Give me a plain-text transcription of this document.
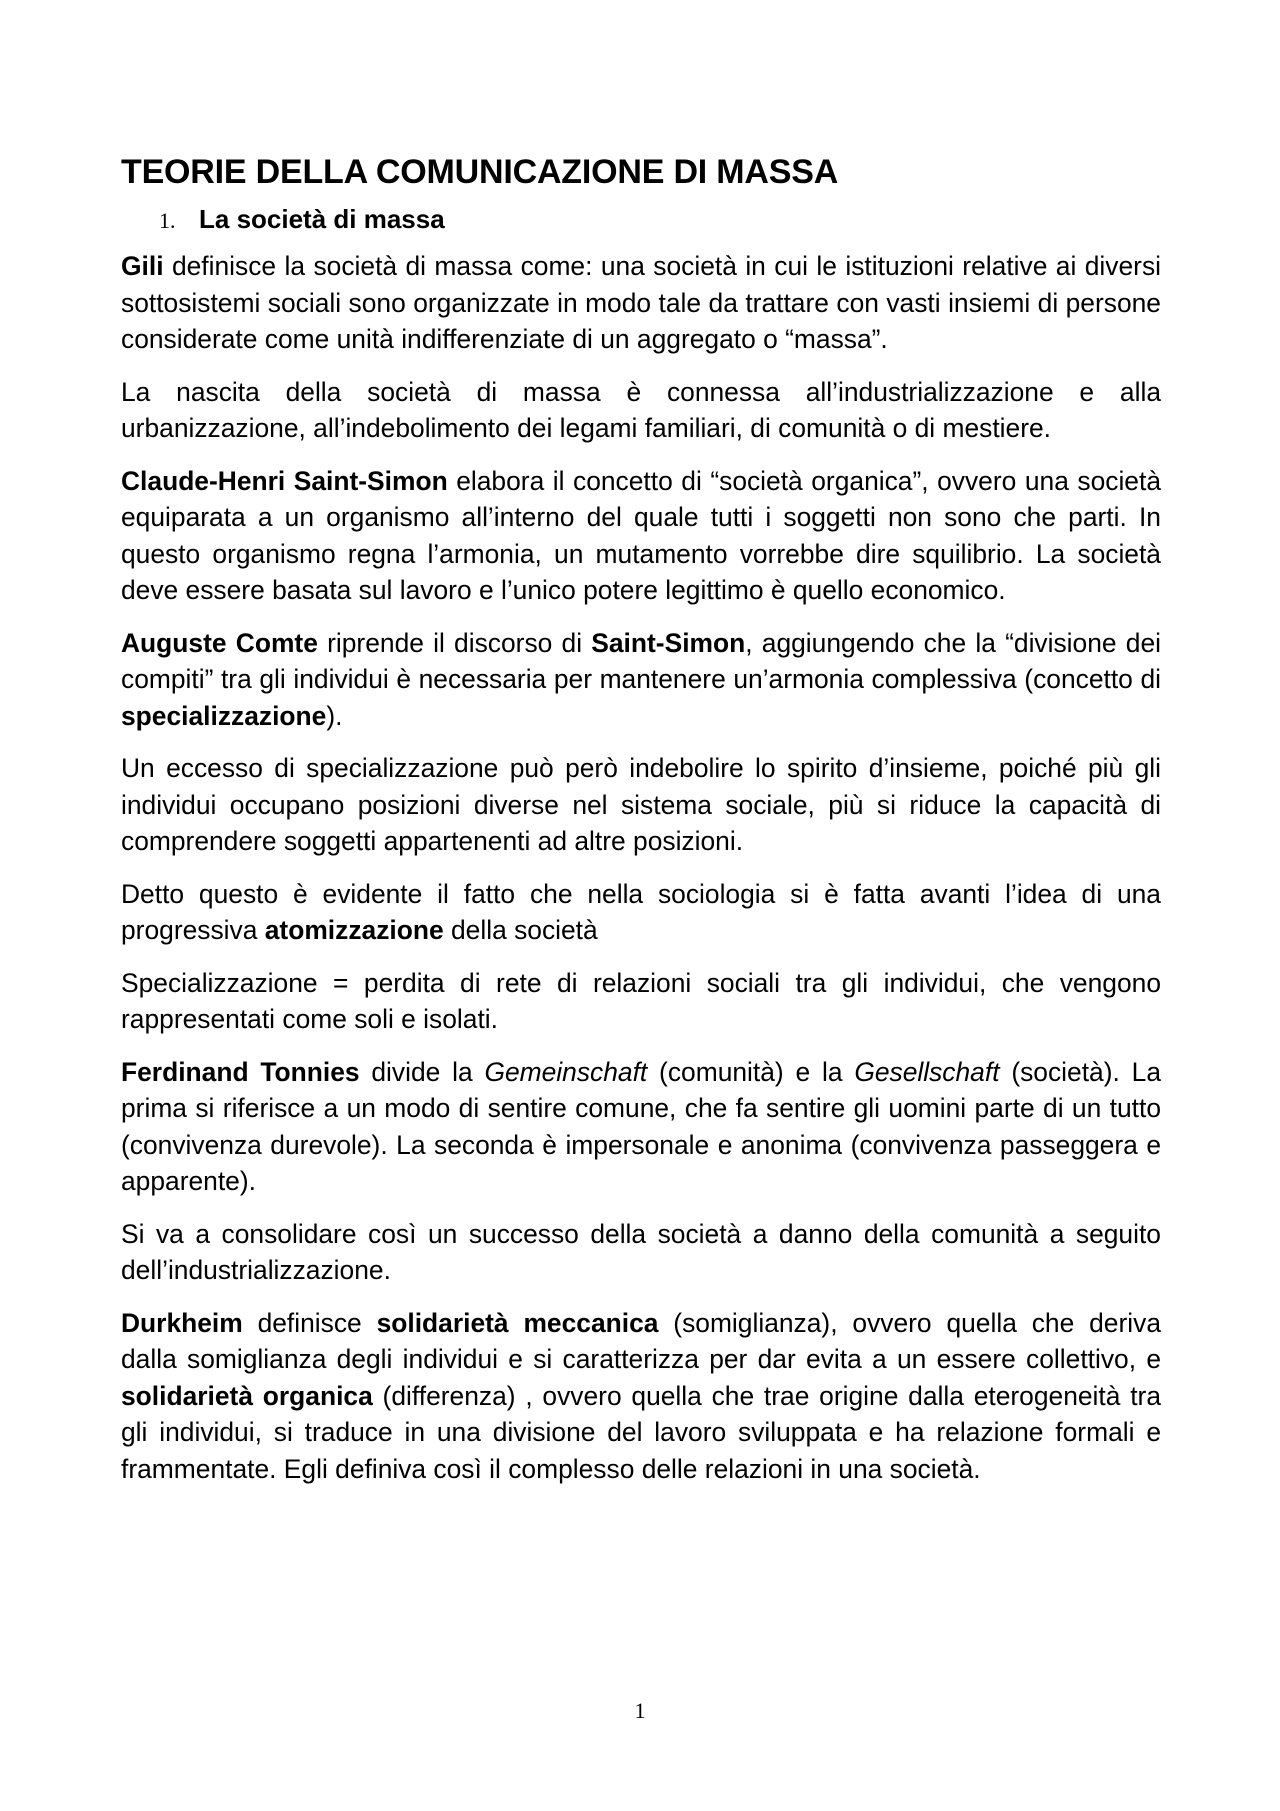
TEORIE DELLA COMUNICAZIONE DI MASSA
1. La società di massa

Gili definisce la società di massa come: una società in cui le istituzioni relative ai diversi sottosistemi sociali sono organizzate in modo tale da trattare con vasti insiemi di persone considerate come unità indifferenziate di un aggregato o “massa”.

La nascita della società di massa è connessa all’industrializzazione e alla urbanizzazione, all’indebolimento dei legami familiari, di comunità o di mestiere.

Claude-Henri Saint-Simon elabora il concetto di “società organica”, ovvero una società equiparata a un organismo all’interno del quale tutti i soggetti non sono che parti. In questo organismo regna l’armonia, un mutamento vorrebbe dire squilibrio. La società deve essere basata sul lavoro e l’unico potere legittimo è quello economico.

Auguste Comte riprende il discorso di Saint-Simon, aggiungendo che la “divisione dei compiti” tra gli individui è necessaria per mantenere un’armonia complessiva (concetto di specializzazione).

Un eccesso di specializzazione può però indebolire lo spirito d’insieme, poiché più gli individui occupano posizioni diverse nel sistema sociale, più si riduce la capacità di comprendere soggetti appartenenti ad altre posizioni.

Detto questo è evidente il fatto che nella sociologia si è fatta avanti l’idea di una progressiva atomizzazione della società

Specializzazione = perdita di rete di relazioni sociali tra gli individui, che vengono rappresentati come soli e isolati.

Ferdinand Tonnies divide la Gemeinschaft (comunità) e la Gesellschaft (società). La prima si riferisce a un modo di sentire comune, che fa sentire gli uomini parte di un tutto (convivenza durevole). La seconda è impersonale e anonima (convivenza passeggera e apparente).

Si va a consolidare così un successo della società a danno della comunità a seguito dell’industrializzazione.

Durkheim definisce solidarietà meccanica (somiglianza), ovvero quella che deriva dalla somiglianza degli individui e si caratterizza per dar evita a un essere collettivo, e solidarietà organica (differenza) , ovvero quella che trae origine dalla eterogeneità tra gli individui, si traduce in una divisione del lavoro sviluppata e ha relazione formali e frammentate. Egli definiva così il complesso delle relazioni in una società.

1
